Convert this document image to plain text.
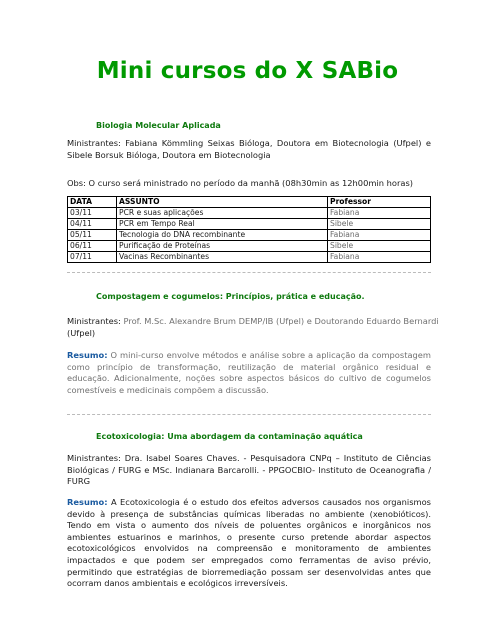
Mini cursos do X SABio
Biologia Molecular Aplicada
Ministrantes: Fabiana Kömmling Seixas Bióloga, Doutora em Biotecnologia (Ufpel) e Sibele Borsuk Bióloga, Doutora em Biotecnologia
Obs: O curso será ministrado no período da manhã (08h30min as 12h00min horas)
DATA	ASSUNTO	Professor
03/11	PCR e suas aplicações	Fabiana
04/11	PCR em Tempo Real	Sibele
05/11	Tecnologia do DNA recombinante	Fabiana
06/11	Purificação de Proteínas	Sibele
07/11	Vacinas Recombinantes	Fabiana
Compostagem e cogumelos: Princípios, prática e educação.
Ministrantes: Prof. M.Sc. Alexandre Brum DEMP/IB (Ufpel) e Doutorando Eduardo Bernardi
(Ufpel)
Resumo: O mini-curso envolve métodos e análise sobre a aplicação da compostagem como princípio de transformação, reutilização de material orgânico residual e educação. Adicionalmente, noções sobre aspectos básicos do cultivo de cogumelos comestíveis e medicinais compõem a discussão.
Ecotoxicologia: Uma abordagem da contaminação aquática
Ministrantes: Dra. Isabel Soares Chaves. - Pesquisadora CNPq – Instituto de Ciências Biológicas / FURG e MSc. Indianara Barcarolli. - PPGOCBIO- Instituto de Oceanografia / FURG
Resumo: A Ecotoxicologia é o estudo dos efeitos adversos causados nos organismos devido à presença de substâncias químicas liberadas no ambiente (xenobióticos). Tendo em vista o aumento dos níveis de poluentes orgânicos e inorgânicos nos ambientes estuarinos e marinhos, o presente curso pretende abordar aspectos ecotoxicológicos envolvidos na compreensão e monitoramento de ambientes impactados e que podem ser empregados como ferramentas de aviso prévio, permitindo que estratégias de biorremediação possam ser desenvolvidas antes que ocorram danos ambientais e ecológicos irreversíveis.
